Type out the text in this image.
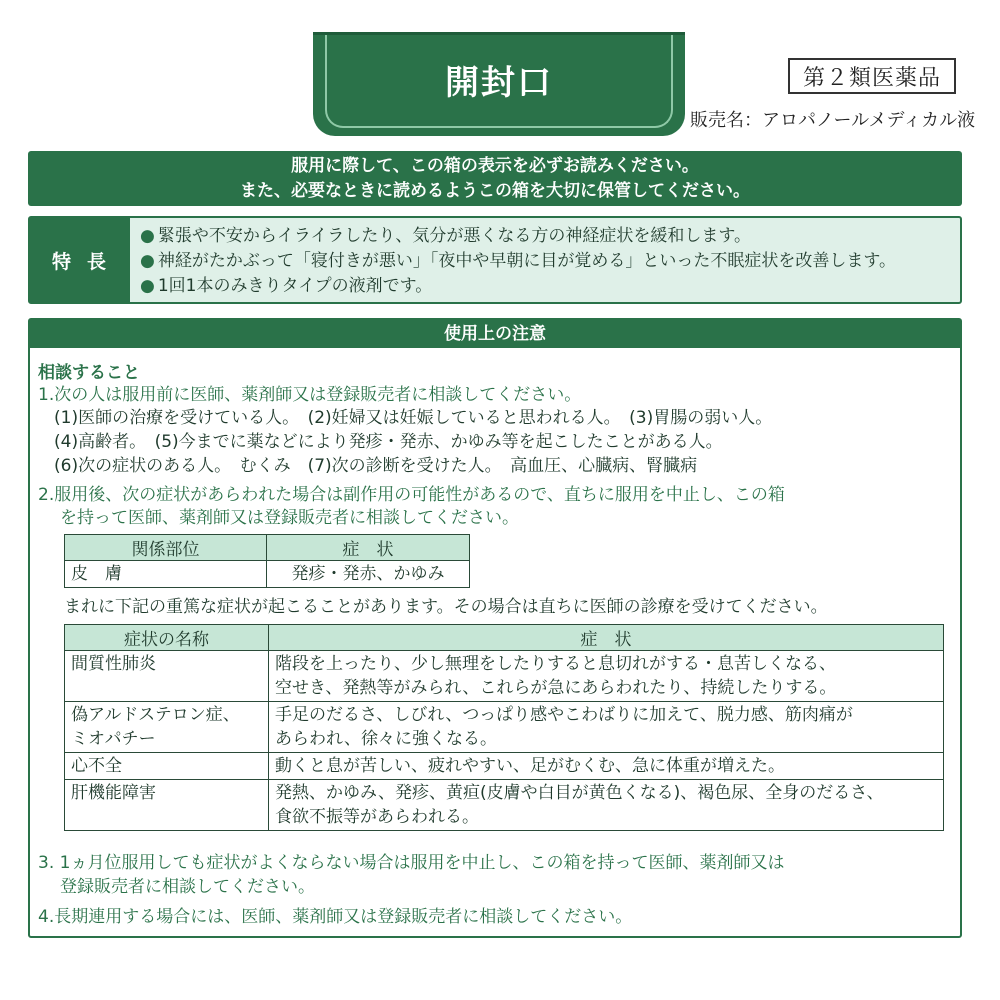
開封口	第２類医薬品
販売名：アロパノールメディカル液
服用に際して、この箱の表示を必ずお読みください。
また、必要なときに読めるようこの箱を大切に保管してください。
特長
● 緊張や不安からイライラしたり、気分が悪くなる方の神経症状を緩和します。
● 神経がたかぶって「寝付きが悪い」「夜中や早朝に目が覚める」といった不眠症状を改善します。
● 1回1本のみきりタイプの液剤です。
使用上の注意
相談すること
1.次の人は服用前に医師、薬剤師又は登録販売者に相談してください。
(1)医師の治療を受けている人。　(2)妊婦又は妊娠していると思われる人。　(3)胃腸の弱い人。
(4)高齢者。　(5)今までに薬などにより発疹・発赤、かゆみ等を起こしたことがある人。
(6)次の症状のある人。　むくみ　(7)次の診断を受けた人。　高血圧、心臓病、腎臓病
2.服用後、次の症状があらわれた場合は副作用の可能性があるので、直ちに服用を中止し、この箱
を持って医師、薬剤師又は登録販売者に相談してください。
関係部位	症　状
皮　膚	発疹・発赤、かゆみ
まれに下記の重篤な症状が起こることがあります。その場合は直ちに医師の診療を受けてください。
症状の名称	症　状
間質性肺炎	階段を上ったり、少し無理をしたりすると息切れがする・息苦しくなる、
空せき、発熱等がみられ、これらが急にあらわれたり、持続したりする。
偽アルドステロン症、
ミオパチー	手足のだるさ、しびれ、つっぱり感やこわばりに加えて、脱力感、筋肉痛が
あらわれ、徐々に強くなる。
心不全	動くと息が苦しい、疲れやすい、足がむくむ、急に体重が増えた。
肝機能障害	発熱、かゆみ、発疹、黄疸(皮膚や白目が黄色くなる)、褐色尿、全身のだるさ、
食欲不振等があらわれる。
3. 1ヵ月位服用しても症状がよくならない場合は服用を中止し、この箱を持って医師、薬剤師又は
登録販売者に相談してください。
4.長期連用する場合には、医師、薬剤師又は登録販売者に相談してください。
